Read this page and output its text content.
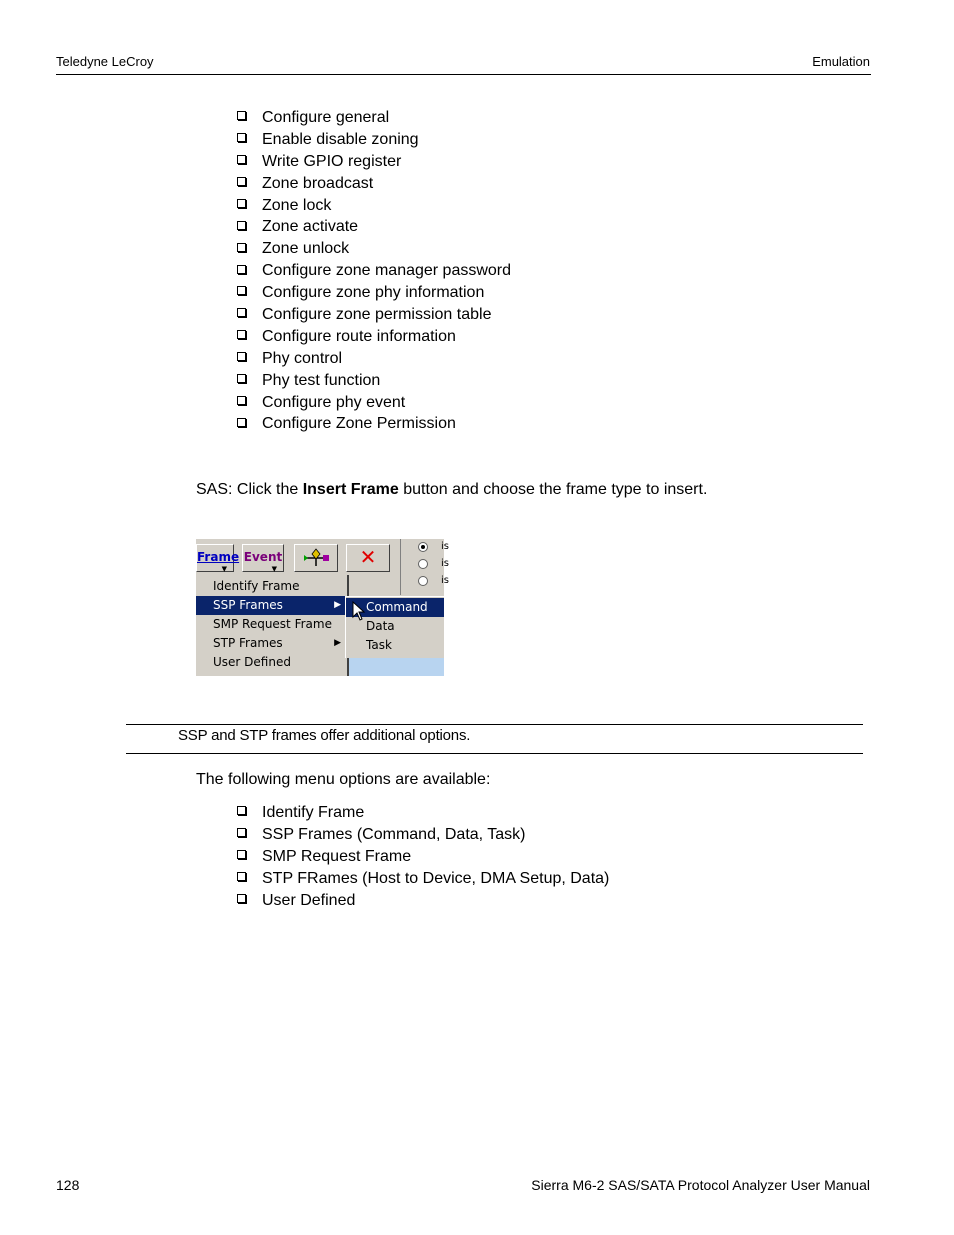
Teledyne LeCroy	Emulation
Configure general
Enable disable zoning
Write GPIO register
Zone broadcast
Zone lock
Zone activate
Zone unlock
Configure zone manager password
Configure zone phy information
Configure zone permission table
Configure route information
Phy control
Phy test function
Configure phy event
Configure Zone Permission
SAS: Click the Insert Frame button and choose the frame type to insert.
Frame
▼
Event
▼	✕	is
is
is
Identify Frame
SSP Frames	▶
SMP Request Frame
STP Frames	▶
User Defined
Command
Data
Task
SSP and STP frames offer additional options.
The following menu options are available:
Identify Frame
SSP Frames (Command, Data, Task)
SMP Request Frame
STP FRames (Host to Device, DMA Setup, Data)
User Defined
128	Sierra M6-2 SAS/SATA Protocol Analyzer User Manual
